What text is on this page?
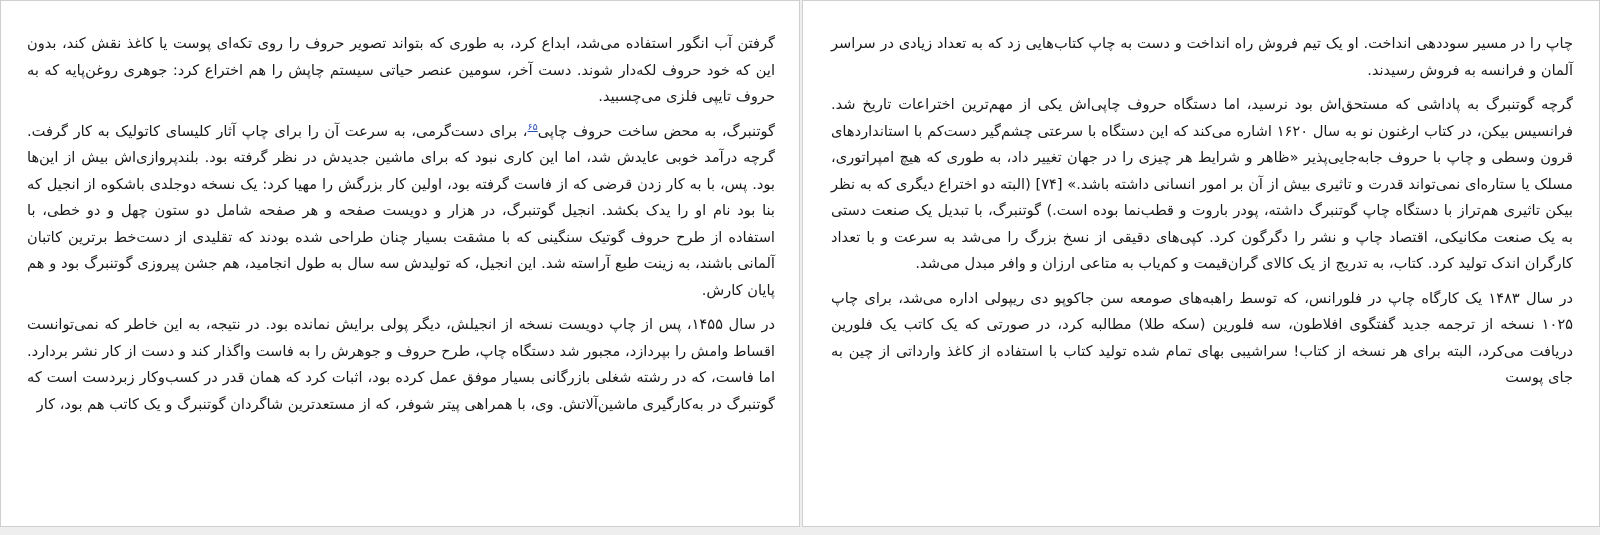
گرفتن آب انگور استفاده می‌شد، ابداع کرد، به طوری که بتواند تصویر حروف را روی تکه‌ای پوست یا کاغذ نقش کند، بدون این که خود حروف لکه‌دار شوند. دست آخر، سومین عنصر حیاتی سیستم چاپش را هم اختراع کرد: جوهری روغن‌پایه که به حروف تایپی فلزی می‌چسبید.

گوتنبرگ، به محض ساخت حروف چاپی$^{۶۵}$، برای دست‌گرمی، به سرعت آن را برای چاپ آثار کلیسای کاتولیک به کار گرفت. گرچه درآمد خوبی عایدش شد، اما این کاری نبود که برای ماشین جدیدش در نظر گرفته بود. بلندپروازی‌اش بیش از این‌ها بود. پس، با به کار زدن قرضی که از فاست گرفته بود، اولین کار بزرگش را مهیا کرد: یک نسخه دوجلدی باشکوه از انجیل که بنا بود نام او را یدک بکشد. انجیل گوتنبرگ، در هزار و دویست صفحه و هر صفحه شامل دو ستون چهل و دو خطی، با استفاده از طرح حروف گوتیک سنگینی که با مشقت بسیار چنان طراحی شده بودند که تقلیدی از دست‌خط برترین کاتبان آلمانی باشند، به زینت طبع آراسته شد. این انجیل، که تولیدش سه سال به طول انجامید، هم جشن پیروزی گوتنبرگ بود و هم پایان کارش.

در سال ۱۴۵۵، پس از چاپ دویست نسخه از انجیلش، دیگر پولی برایش نمانده بود. در نتیجه، به این خاطر که نمی‌توانست اقساط وامش را بپردازد، مجبور شد دستگاه چاپ، طرح حروف و جوهرش را به فاست واگذار کند و دست از کار نشر بردارد. اما فاست، که در رشته شغلی بازرگانی بسیار موفق عمل کرده بود، اثبات کرد که همان قدر در کسب‌وکار زبردست است که گوتنبرگ در به‌کارگیری ماشین‌آلاتش. وی، با همراهی پیتر شوفر، که از مستعدترین شاگردان گوتنبرگ و یک کاتب هم بود، کار

چاپ را در مسیر سوددهی انداخت. او یک تیم فروش راه انداخت و دست به چاپ کتاب‌هایی زد که به تعداد زیادی در سراسر آلمان و فرانسه به فروش رسیدند.

گرچه گوتنبرگ به پاداشی که مستحق‌اش بود نرسید، اما دستگاه حروف چاپی‌اش یکی از مهم‌ترین اختراعات تاریخ شد. فرانسیس بیکن، در کتاب ارغنون نو به سال ۱۶۲۰ اشاره می‌کند که این دستگاه با سرعتی چشم‌گیر دست‌کم با استانداردهای قرون وسطی و چاپ با حروف جابه‌جایی‌پذیر «ظاهر و شرایط هر چیزی را در جهان تغییر داد، به طوری که هیچ امپراتوری، مسلک یا ستاره‌ای نمی‌تواند قدرت و تاثیری بیش از آن بر امور انسانی داشته باشد.» [۷۴] (البته دو اختراع دیگری که به نظر بیکن تاثیری هم‌تراز با دستگاه چاپ گوتنبرگ داشته، پودر باروت و قطب‌نما بوده است.) گوتنبرگ، با تبدیل یک صنعت دستی به یک صنعت مکانیکی، اقتصاد چاپ و نشر را دگرگون کرد. کپی‌های دقیقی از نسخ بزرگ را می‌شد به سرعت و با تعداد کارگران اندک تولید کرد. کتاب، به تدریج از یک کالای گران‌قیمت و کم‌یاب به متاعی ارزان و وافر مبدل می‌شد.

در سال ۱۴۸۳ یک کارگاه چاپ در فلورانس، که توسط راهبه‌های صومعه سن جاکوپو دی ریپولی اداره می‌شد، برای چاپ ۱۰۲۵ نسخه از ترجمه جدید گفتگوی افلاطون، سه فلورین (سکه طلا) مطالبه کرد، در صورتی که یک کاتب یک فلورین دریافت می‌کرد، البته برای هر نسخه از کتاب! سراشیبی بهای تمام شده تولید کتاب با استفاده از کاغذ وارداتی از چین به جای پوست
